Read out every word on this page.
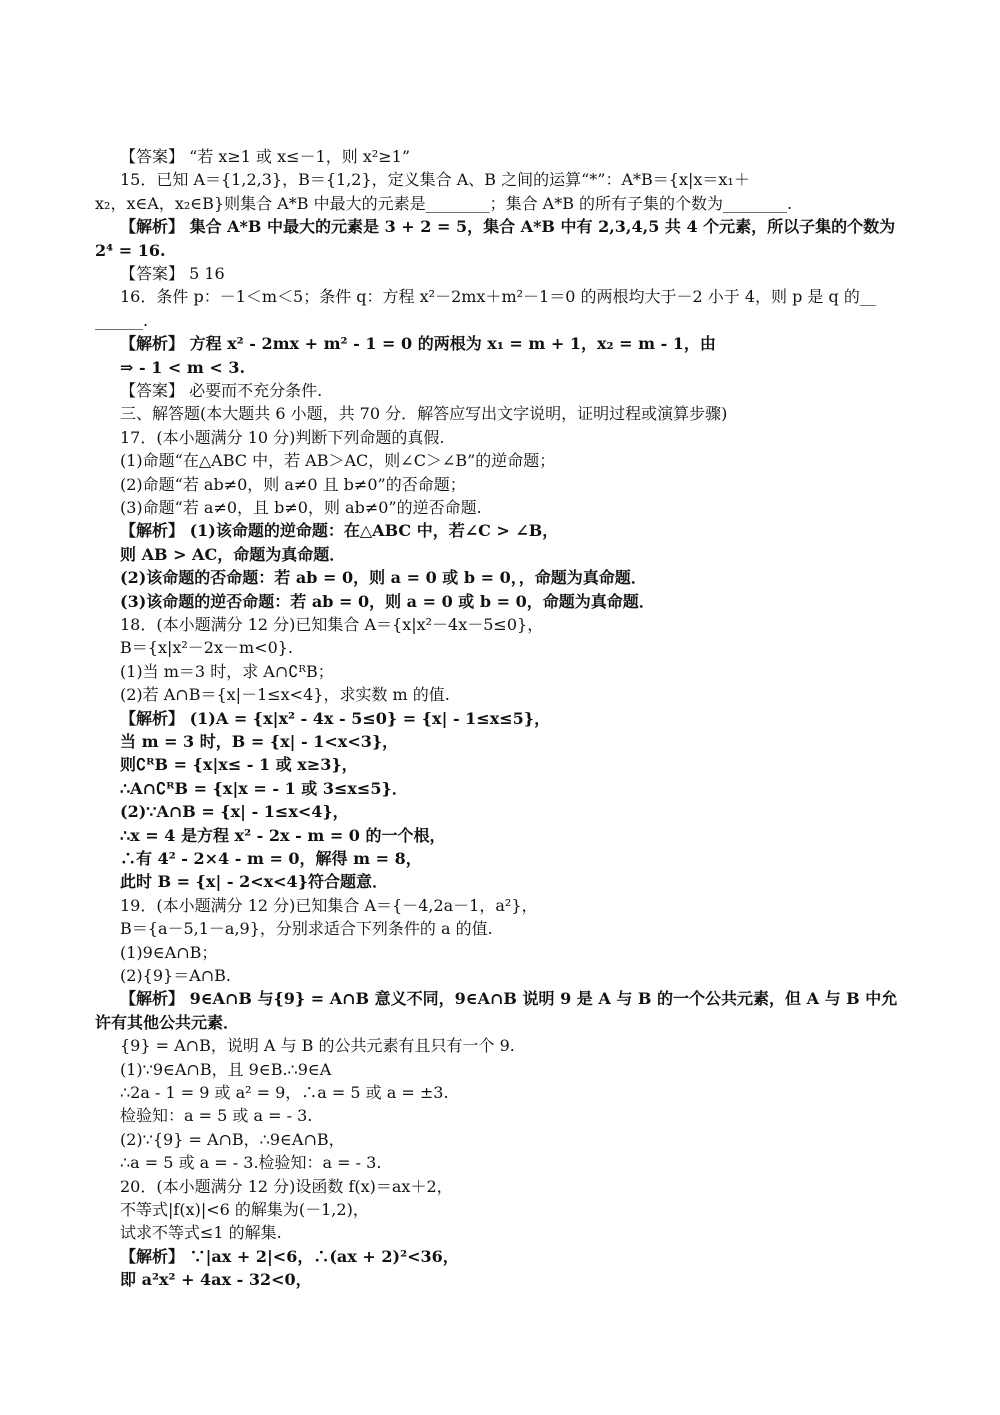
【答案】 “若 x≥1 或 x≤－1，则 x²≥1”
15．已知 A＝{1,2,3}，B＝{1,2}，定义集合 A、B 之间的运算“*”：A*B＝{x|x＝x₁＋
x₂，x∈A，x₂∈B}则集合 A*B 中最大的元素是________；集合 A*B 的所有子集的个数为________.
【解析】 集合 A*B 中最大的元素是 3 + 2 = 5，集合 A*B 中有 2,3,4,5 共 4 个元素，所以子集的个数为
2⁴ = 16.
【答案】 5 16
16．条件 p：－1＜m＜5；条件 q：方程 x²－2mx＋m²－1＝0 的两根均大于－2 小于 4，则 p 是 q 的__
______.
【解析】 方程 x² - 2mx + m² - 1 = 0 的两根为 x₁ = m + 1，x₂ = m - 1，由
⇒ - 1 < m < 3.
【答案】 必要而不充分条件.
三、解答题(本大题共 6 小题，共 70 分．解答应写出文字说明，证明过程或演算步骤)
17．(本小题满分 10 分)判断下列命题的真假.
(1)命题“在△ABC 中，若 AB＞AC，则∠C＞∠B”的逆命题；
(2)命题“若 ab≠0，则 a≠0 且 b≠0”的否命题；
(3)命题“若 a≠0，且 b≠0，则 ab≠0”的逆否命题.
【解析】 (1)该命题的逆命题：在△ABC 中，若∠C > ∠B，
则 AB > AC，命题为真命题．
(2)该命题的否命题：若 ab = 0，则 a = 0 或 b = 0，，命题为真命题．
(3)该命题的逆否命题：若 ab = 0，则 a = 0 或 b = 0，命题为真命题．
18．(本小题满分 12 分)已知集合 A＝{x|x²－4x－5≤0}，
B＝{x|x²－2x－m<0}.
(1)当 m＝3 时，求 A∩∁ᴿB；
(2)若 A∩B＝{x|－1≤x<4}，求实数 m 的值.
【解析】 (1)A = {x|x² - 4x - 5≤0} = {x| - 1≤x≤5}，
当 m = 3 时，B = {x| - 1<x<3}，
则∁ᴿB = {x|x≤ - 1 或 x≥3}，
∴A∩∁ᴿB = {x|x = - 1 或 3≤x≤5}．
(2)∵A∩B = {x| - 1≤x<4}，
∴x = 4 是方程 x² - 2x - m = 0 的一个根，
∴有 4² - 2×4 - m = 0，解得 m = 8，
此时 B = {x| - 2<x<4}符合题意．
19．(本小题满分 12 分)已知集合 A＝{－4,2a－1，a²}，
B＝{a－5,1－a,9}，分别求适合下列条件的 a 的值.
(1)9∈A∩B；
(2){9}＝A∩B.
【解析】 9∈A∩B 与{9} = A∩B 意义不同，9∈A∩B 说明 9 是 A 与 B 的一个公共元素，但 A 与 B 中允
许有其他公共元素．
{9} = A∩B，说明 A 与 B 的公共元素有且只有一个 9.
(1)∵9∈A∩B，且 9∈B.∴9∈A
∴2a - 1 = 9 或 a² = 9，∴a = 5 或 a = ±3.
检验知：a = 5 或 a = - 3.
(2)∵{9} = A∩B，∴9∈A∩B，
∴a = 5 或 a = - 3.检验知：a = - 3.
20．(本小题满分 12 分)设函数 f(x)＝ax＋2，
不等式|f(x)|<6 的解集为(－1,2)，
试求不等式≤1 的解集.
【解析】 ∵|ax + 2|<6，∴(ax + 2)²<36，
即 a²x² + 4ax - 32<0，
